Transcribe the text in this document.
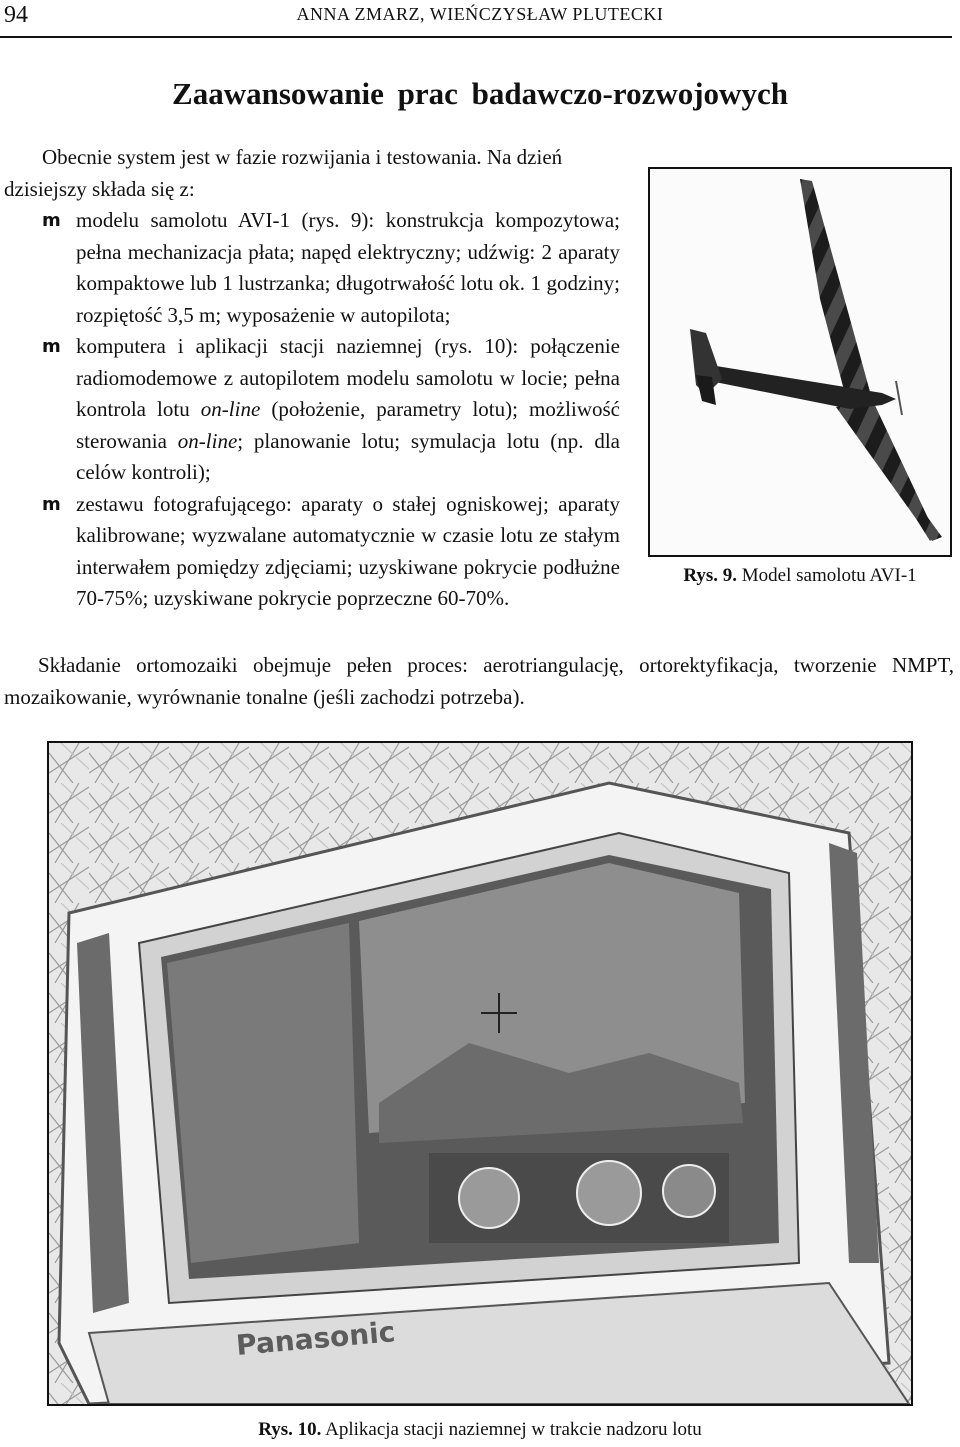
94	ANNA ZMARZ, WIEŃCZYSŁAW PLUTECKI
Zaawansowanie prac badawczo-rozwojowych

Obecnie system jest w fazie rozwijania i testowania. Na dzień dzisiejszy składa się z:

m modelu samolotu AVI-1 (rys. 9): konstrukcja kompozytowa; pełna mechanizacja płata; napęd elektryczny; udźwig: 2 aparaty kompaktowe lub 1 lustrzanka; długotrwałość lotu ok. 1 godziny; rozpiętość 3,5 m; wyposażenie w autopilota;
m komputera i aplikacji stacji naziemnej (rys. 10): połączenie radiomodemowe z autopilotem modelu samolotu w locie; pełna kontrola lotu on-line (położenie, parametry lotu); możliwość sterowania on-line; planowanie lotu; symulacja lotu (np. dla celów kontroli);
m zestawu fotografującego: aparaty o stałej ogniskowej; aparaty kalibrowane; wyzwalane automatycznie w czasie lotu ze stałym interwałem pomiędzy zdjęciami; uzyskiwane pokrycie podłużne 70-75%; uzyskiwane pokrycie poprzeczne 60-70%.

Składanie ortomozaiki obejmuje pełen proces: aerotriangulację, ortorektyfikacja, tworzenie NMPT, mozaikowanie, wyrównanie tonalne (jeśli zachodzi potrzeba).

Rys. 9. Model samolotu AVI-1
Panasonic
Rys. 10. Aplikacja stacji naziemnej w trakcie nadzoru lotu
